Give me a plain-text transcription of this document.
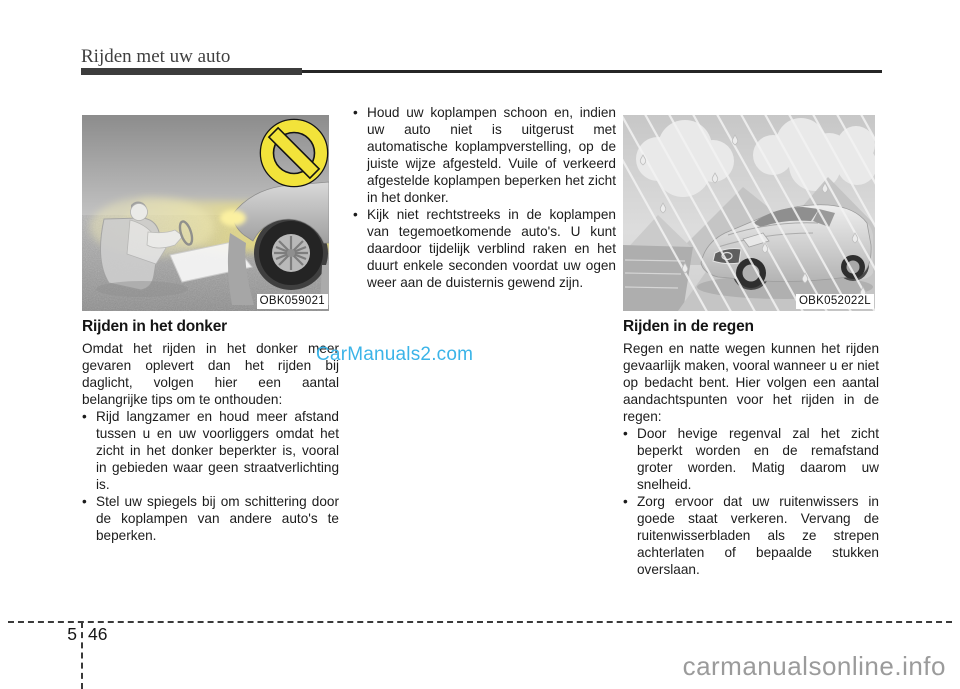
Rijden met uw auto
OBK059021
Rijden in het donker

Omdat het rijden in het donker meer gevaren oplevert dan het rijden bij daglicht, volgen hier een aantal belangrijke tips om te onthouden:

•
Rijd langzamer en houd meer afstand tussen u en uw voorliggers omdat het zicht in het donker beperkter is, vooral in gebieden waar geen straatverlichting is.
•
Stel uw spiegels bij om schittering door de koplampen van andere auto's te beperken.
•
Houd uw koplampen schoon en, indien uw auto niet is uitgerust met automatische koplampverstelling, op de juiste wijze afgesteld. Vuile of verkeerd afgestelde koplampen beperken het zicht in het donker.
•
Kijk niet rechtstreeks in de koplampen van tegemoetkomende auto's. U kunt daardoor tijdelijk verblind raken en het duurt enkele seconden voordat uw ogen weer aan de duisternis gewend zijn.
OBK052022L
Rijden in de regen

Regen en natte wegen kunnen het rijden gevaarlijk maken, vooral wanneer u er niet op bedacht bent. Hier volgen een aantal aandachtspunten voor het rijden in de regen:

•
Door hevige regenval zal het zicht beperkt worden en de remafstand groter worden. Matig daarom uw snelheid.
•
Zorg ervoor dat uw ruitenwissers in goede staat verkeren. Vervang de ruitenwisserbladen als ze strepen achterlaten of bepaalde stukken overslaan.
CarManuals2.com
carmanualsonline.info
5 46
